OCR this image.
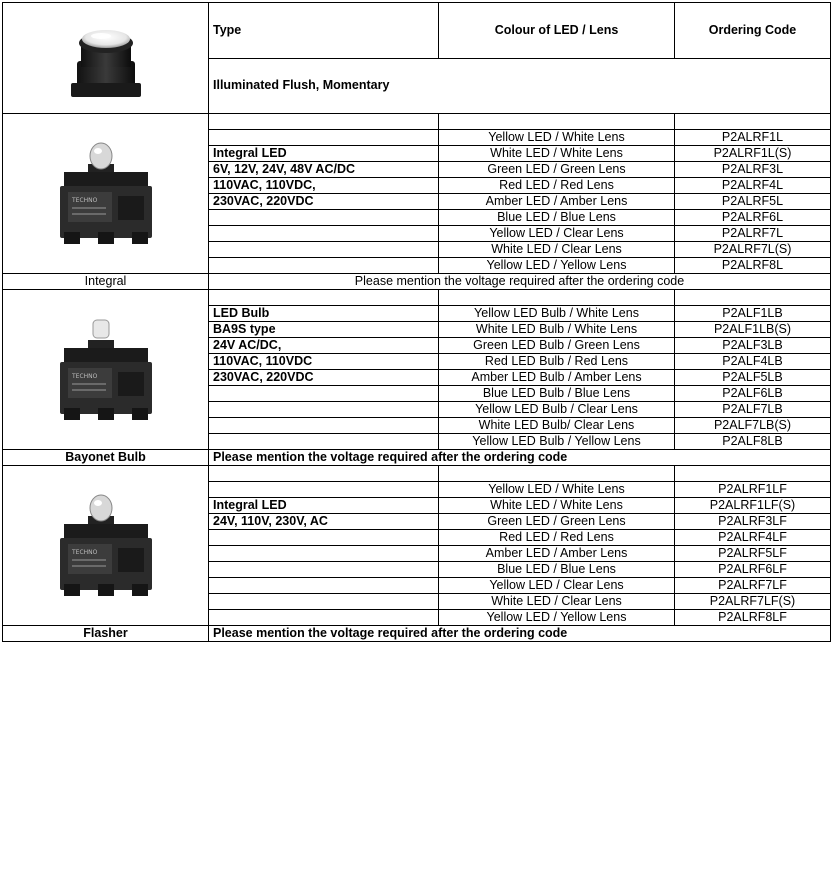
	Type	Colour of LED / Lens	Ordering Code
	Illuminated Flush, Momentary		

TECHNO			

		Yellow LED / White Lens	P2ALRF1L
	Integral LED	White LED / White Lens	P2ALRF1L(S)
	6V, 12V, 24V, 48V AC/DC	Green LED / Green Lens	P2ALRF3L
	110VAC, 110VDC,	Red LED / Red Lens	P2ALRF4L
	230VAC, 220VDC	Amber LED / Amber Lens	P2ALRF5L
		Blue LED / Blue Lens	P2ALRF6L
		Yellow LED / Clear Lens	P2ALRF7L
		White LED / Clear Lens	P2ALRF7L(S)
		Yellow LED / Yellow Lens	P2ALRF8L
Integral	Please mention the voltage required after the ordering code		

TECHNO			

	LED Bulb	Yellow LED Bulb / White Lens	P2ALF1LB
	BA9S type	White LED Bulb / White Lens	P2ALF1LB(S)
	24V AC/DC,	Green LED Bulb / Green Lens	P2ALF3LB
	110VAC, 110VDC	Red LED Bulb / Red Lens	P2ALF4LB
	230VAC, 220VDC	Amber LED Bulb / Amber Lens	P2ALF5LB
		Blue LED Bulb / Blue Lens	P2ALF6LB
		Yellow LED Bulb / Clear Lens	P2ALF7LB
		White LED Bulb/ Clear Lens	P2ALF7LB(S)
		Yellow LED Bulb / Yellow Lens	P2ALF8LB
Bayonet Bulb	Please mention the voltage required after the ordering code		

TECHNO			

		Yellow LED / White Lens	P2ALRF1LF
	Integral LED	White LED / White Lens	P2ALRF1LF(S)
	24V, 110V, 230V, AC	Green LED / Green Lens	P2ALRF3LF
		Red LED / Red Lens	P2ALRF4LF
		Amber LED / Amber Lens	P2ALRF5LF
		Blue LED / Blue Lens	P2ALRF6LF
		Yellow LED / Clear Lens	P2ALRF7LF
		White LED / Clear Lens	P2ALRF7LF(S)
		Yellow LED / Yellow Lens	P2ALRF8LF
Flasher	Please mention the voltage required after the ordering code		
